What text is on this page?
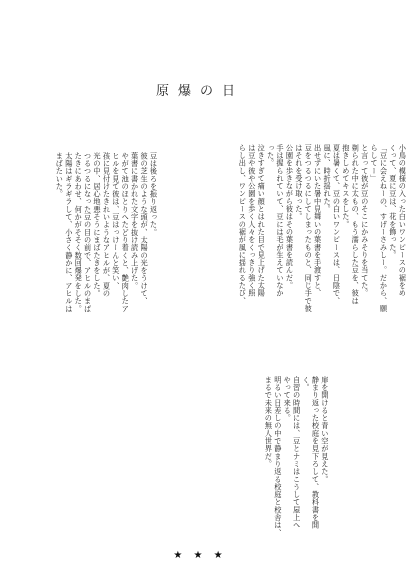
原爆の日
小鳥の模様の入った白いワンピースの裾をめ
くって、夏に豆は、花を飾った。
「豆に会えねーの、すげーさみしー。だから、願
らしてー」
と言って彼が豆のそこにかみそりを当てた。
剃られた中に太もの、もう濡らした豆を、彼は
抱きしめてキスをした。
夏は暑くて、豆の白いワンピースは、日陰で、
風に、時折揺れた。
出せずにいた暑中見舞いの葉書を手渡すと、
豆をつるつるにしてしまったものと、同じ手で彼
はそれを受け取った。
公園を歩きながら彼はその葉書を読んだ。
手は握られていて、豆には毛が生えていなか
った。
泣きすぎて痛い顔とはれた目で見上げた太陽
は豆や彼や公園を歩く人々をくっきり強く照
らし出し、ワンピースの裾が風に揺れるたび、
豆は後ろを振り返った。
彼の芝生のような頭が、太陽の光をうけて、
葉書に書かれた文字を抜け読み上げた。
やがて池のほとりへたどり着くと、艶肉したア
ヒルを見て彼は、豆はっけーんと笑い、
孩に見付けたきれいようなアヒルが、夏の
光の中、居心地悪そうにまばたきをした。
つるつるになった豆の目の前で、アヒルのまば
たきにあわせ、何かがそそく数回爆発をした。
太陽はギラギラして、小さく静かに、アヒルは
まばたいた。
扉を開けると青い空が見えた。
静まり返った校庭を見下ろして、教科書を開
く。
自習の時間には、豆とナミはこうして屋上へ
やって来る。
明るい日差しの中で静まり返る校庭と校舎は、
まるで未来の無人世界だ。
★ ★ ★
